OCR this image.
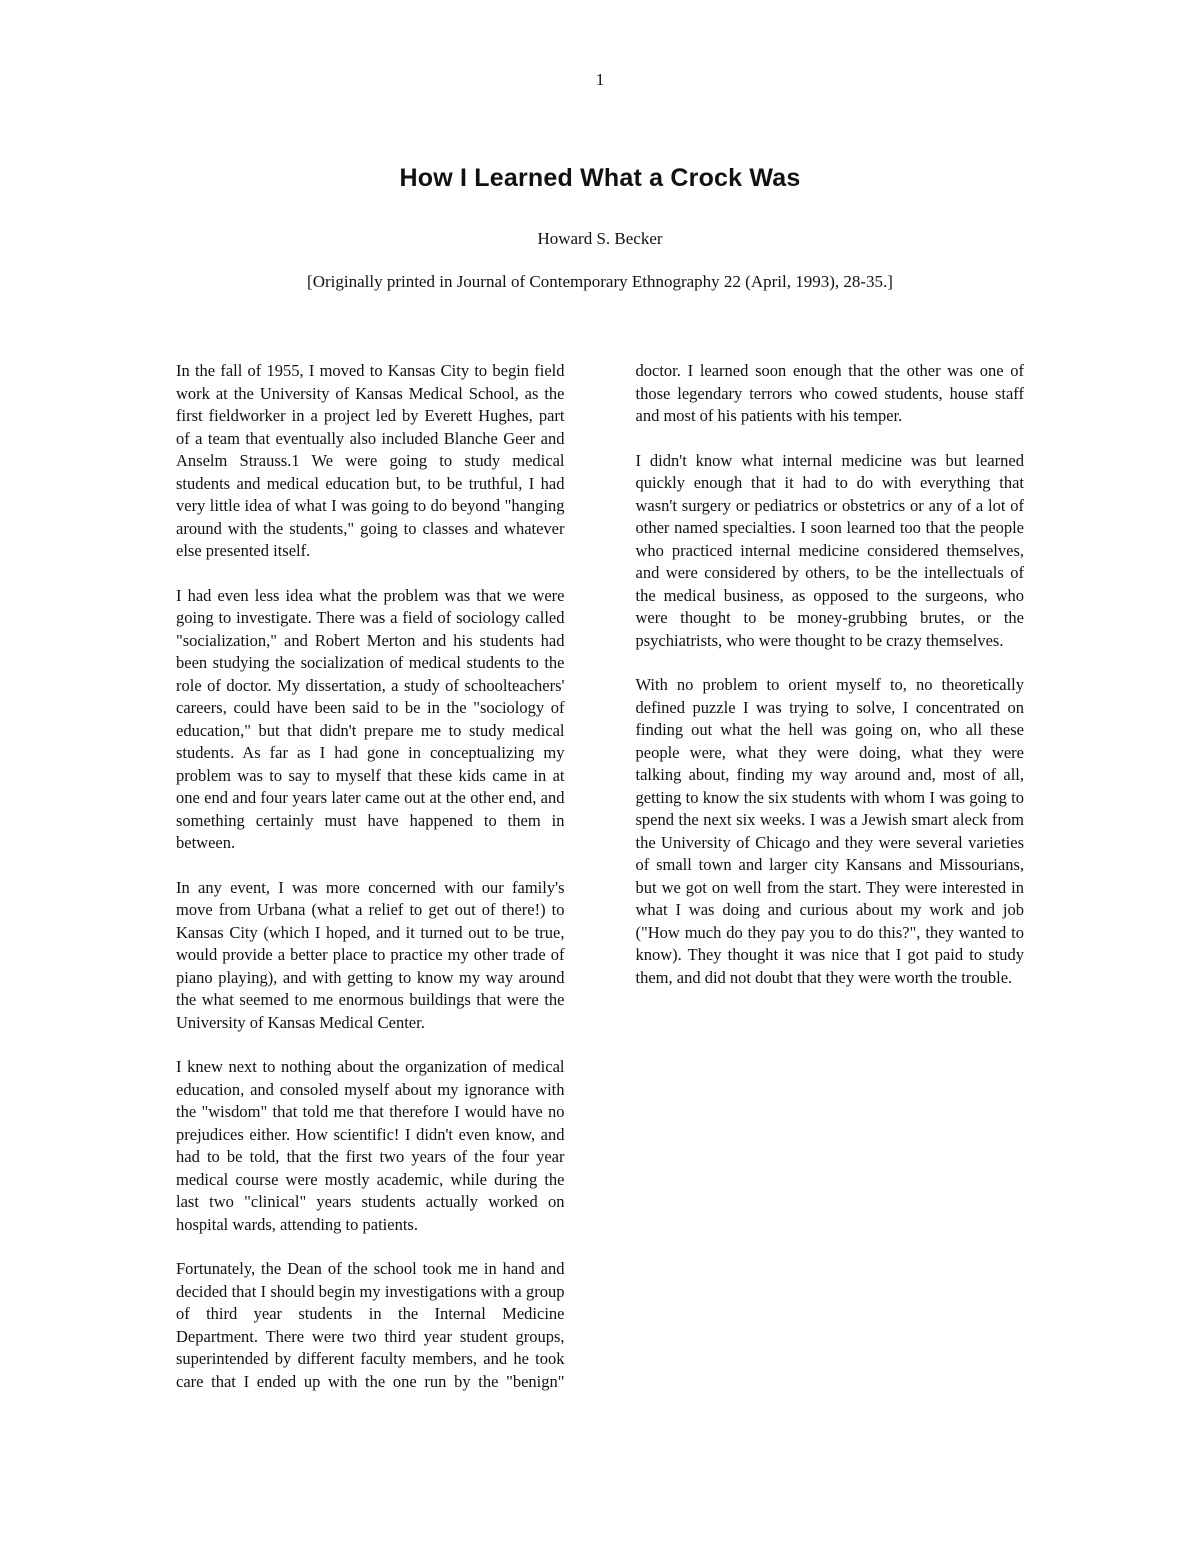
1
How I Learned What a Crock Was
Howard S. Becker
[Originally printed in Journal of Contemporary Ethnography 22 (April, 1993), 28-35.]

In the fall of 1955, I moved to Kansas City to begin field work at the University of Kansas Medical School, as the first fieldworker in a project led by Everett Hughes, part of a team that eventually also included Blanche Geer and Anselm Strauss.1 We were going to study medical students and medical education but, to be truthful, I had very little idea of what I was going to do beyond "hanging around with the students," going to classes and whatever else presented itself.

I had even less idea what the problem was that we were going to investigate. There was a field of sociology called "socialization," and Robert Merton and his students had been studying the socialization of medical students to the role of doctor. My dissertation, a study of schoolteachers' careers, could have been said to be in the "sociology of education," but that didn't prepare me to study medical students. As far as I had gone in conceptualizing my problem was to say to myself that these kids came in at one end and four years later came out at the other end, and something certainly must have happened to them in between.

In any event, I was more concerned with our family's move from Urbana (what a relief to get out of there!) to Kansas City (which I hoped, and it turned out to be true, would provide a better place to practice my other trade of piano playing), and with getting to know my way around the what seemed to me enormous buildings that were the University of Kansas Medical Center.

I knew next to nothing about the organization of medical education, and consoled myself about my ignorance with the "wisdom" that told me that therefore I would have no prejudices either. How scientific! I didn't even know, and had to be told, that the first two years of the four year medical course were mostly academic, while during the last two "clinical" years students actually worked on hospital wards, attending to patients.

Fortunately, the Dean of the school took me in hand and decided that I should begin my investigations with a group of third year students in the Internal Medicine Department. There were two third year student groups, superintended by different faculty members, and he took care that I ended up with the one run by the "benign" doctor. I learned soon enough that the other was one of those legendary terrors who cowed students, house staff and most of his patients with his temper.

I didn't know what internal medicine was but learned quickly enough that it had to do with everything that wasn't surgery or pediatrics or obstetrics or any of a lot of other named specialties. I soon learned too that the people who practiced internal medicine considered themselves, and were considered by others, to be the intellectuals of the medical business, as opposed to the surgeons, who were thought to be money-grubbing brutes, or the psychiatrists, who were thought to be crazy themselves.

With no problem to orient myself to, no theoretically defined puzzle I was trying to solve, I concentrated on finding out what the hell was going on, who all these people were, what they were doing, what they were talking about, finding my way around and, most of all, getting to know the six students with whom I was going to spend the next six weeks. I was a Jewish smart aleck from the University of Chicago and they were several varieties of small town and larger city Kansans and Missourians, but we got on well from the start. They were interested in what I was doing and curious about my work and job ("How much do they pay you to do this?", they wanted to know). They thought it was nice that I got paid to study them, and did not doubt that they were worth the trouble.
